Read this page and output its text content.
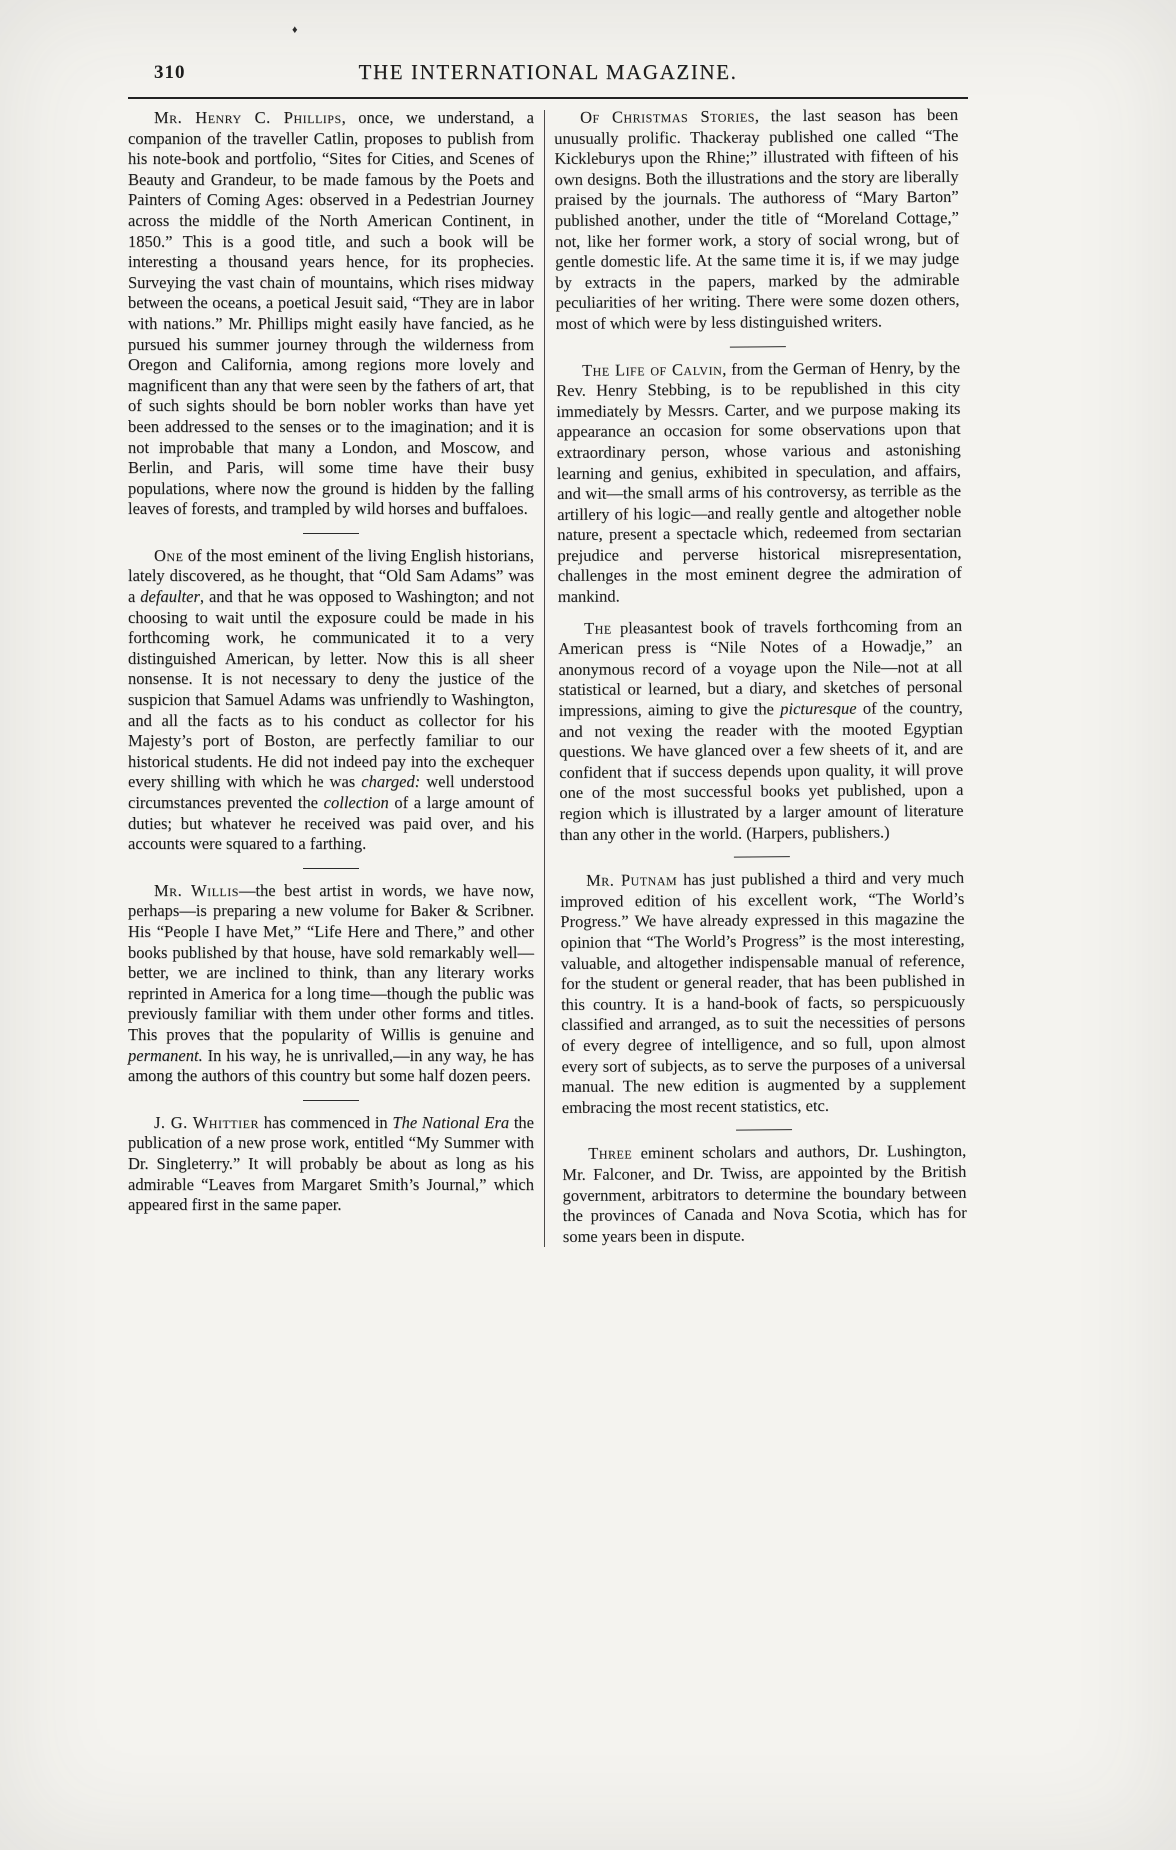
♦
310	THE INTERNATIONAL MAGAZINE.

Mr. Henry C. Phillips, once, we understand, a companion of the traveller Catlin, proposes to publish from his note-book and portfolio, “Sites for Cities, and Scenes of Beauty and Grandeur, to be made famous by the Poets and Painters of Coming Ages: observed in a Pedestrian Journey across the middle of the North American Continent, in 1850.” This is a good title, and such a book will be interesting a thousand years hence, for its prophecies. Surveying the vast chain of mountains, which rises midway between the oceans, a poetical Jesuit said, “They are in labor with nations.” Mr. Phillips might easily have fancied, as he pursued his summer journey through the wilderness from Oregon and California, among regions more lovely and magnificent than any that were seen by the fathers of art, that of such sights should be born nobler works than have yet been addressed to the senses or to the imagination; and it is not improbable that many a London, and Moscow, and Berlin, and Paris, will some time have their busy populations, where now the ground is hidden by the falling leaves of forests, and trampled by wild horses and buffaloes.

One of the most eminent of the living English historians, lately discovered, as he thought, that “Old Sam Adams” was a defaulter, and that he was opposed to Washington; and not choosing to wait until the exposure could be made in his forthcoming work, he communicated it to a very distinguished American, by letter. Now this is all sheer nonsense. It is not necessary to deny the justice of the suspicion that Samuel Adams was unfriendly to Washington, and all the facts as to his conduct as collector for his Majesty’s port of Boston, are perfectly familiar to our historical students. He did not indeed pay into the exchequer every shilling with which he was charged: well understood circumstances prevented the collection of a large amount of duties; but whatever he received was paid over, and his accounts were squared to a farthing.

Mr. Willis—the best artist in words, we have now, perhaps—is preparing a new volume for Baker & Scribner. His “People I have Met,” “Life Here and There,” and other books published by that house, have sold remarkably well—better, we are inclined to think, than any literary works reprinted in America for a long time—though the public was previously familiar with them under other forms and titles. This proves that the popularity of Willis is genuine and permanent. In his way, he is unrivalled,—in any way, he has among the authors of this country but some half dozen peers.

J. G. Whittier has commenced in The National Era the publication of a new prose work, entitled “My Summer with Dr. Singleterry.” It will probably be about as long as his admirable “Leaves from Margaret Smith’s Journal,” which appeared first in the same paper.

Of Christmas Stories, the last season has been unusually prolific. Thackeray published one called “The Kickleburys upon the Rhine;” illustrated with fifteen of his own designs. Both the illustrations and the story are liberally praised by the journals. The authoress of “Mary Barton” published another, under the title of “Moreland Cottage,” not, like her former work, a story of social wrong, but of gentle domestic life. At the same time it is, if we may judge by extracts in the papers, marked by the admirable peculiarities of her writing. There were some dozen others, most of which were by less distinguished writers.

The Life of Calvin, from the German of Henry, by the Rev. Henry Stebbing, is to be republished in this city immediately by Messrs. Carter, and we purpose making its appearance an occasion for some observations upon that extraordinary person, whose various and astonishing learning and genius, exhibited in speculation, and affairs, and wit—the small arms of his controversy, as terrible as the artillery of his logic—and really gentle and altogether noble nature, present a spectacle which, redeemed from sectarian prejudice and perverse historical misrepresentation, challenges in the most eminent degree the admiration of mankind.

The pleasantest book of travels forthcoming from an American press is “Nile Notes of a Howadje,” an anonymous record of a voyage upon the Nile—not at all statistical or learned, but a diary, and sketches of personal impressions, aiming to give the picturesque of the country, and not vexing the reader with the mooted Egyptian questions. We have glanced over a few sheets of it, and are confident that if success depends upon quality, it will prove one of the most successful books yet published, upon a region which is illustrated by a larger amount of literature than any other in the world. (Harpers, publishers.)

Mr. Putnam has just published a third and very much improved edition of his excellent work, “The World’s Progress.” We have already expressed in this magazine the opinion that “The World’s Progress” is the most interesting, valuable, and altogether indispensable manual of reference, for the student or general reader, that has been published in this country. It is a hand-book of facts, so perspicuously classified and arranged, as to suit the necessities of persons of every degree of intelligence, and so full, upon almost every sort of subjects, as to serve the purposes of a universal manual. The new edition is augmented by a supplement embracing the most recent statistics, etc.

Three eminent scholars and authors, Dr. Lushington, Mr. Falconer, and Dr. Twiss, are appointed by the British government, arbitrators to determine the boundary between the provinces of Canada and Nova Scotia, which has for some years been in dispute.
